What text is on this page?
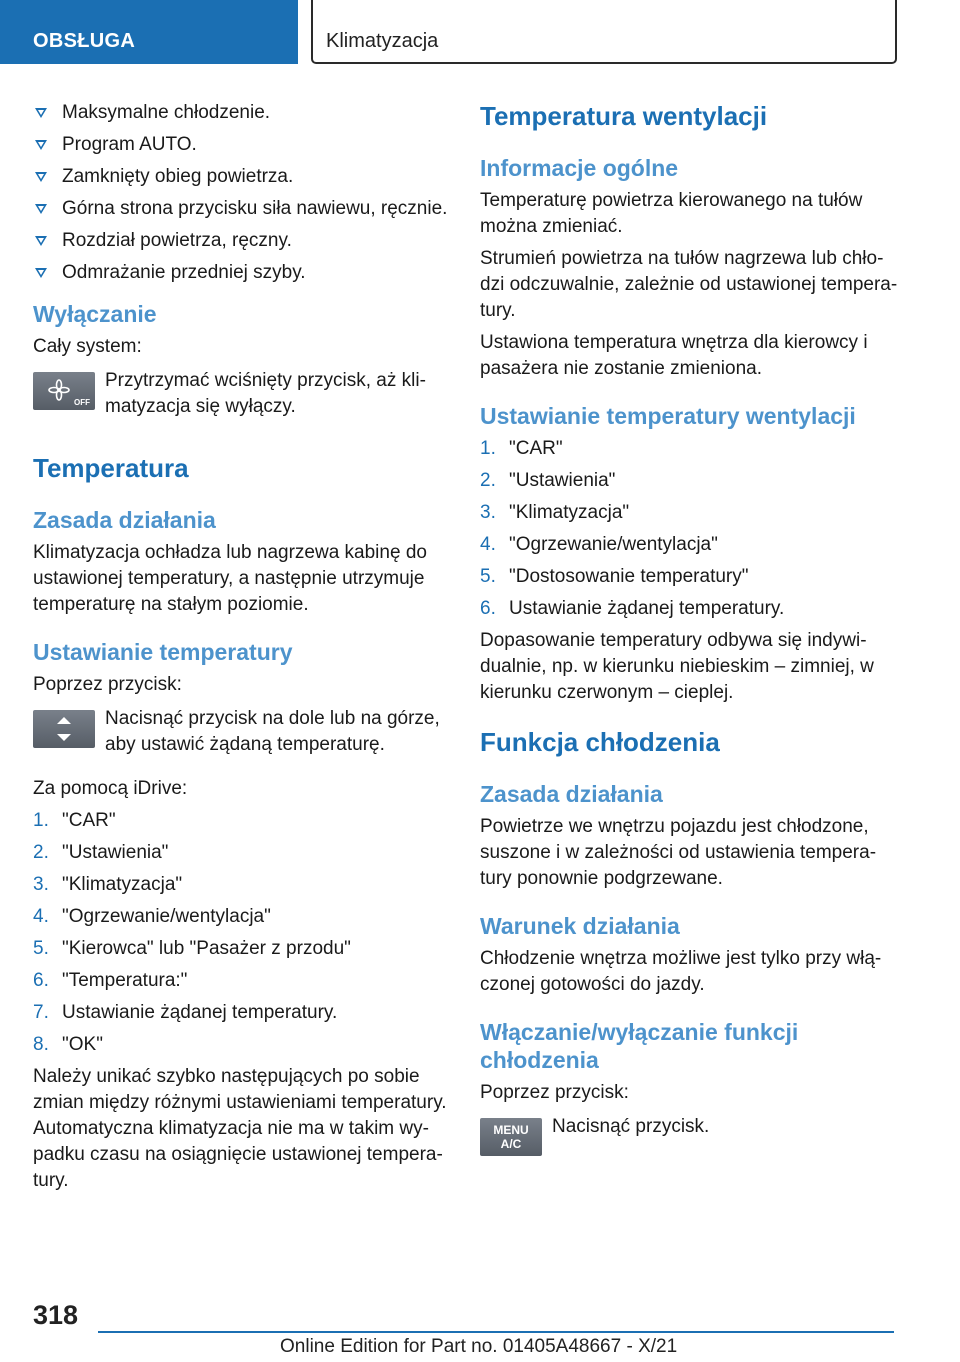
OBSŁUGA	Klimatyzacja
Maksymalne chłodzenie.
Program AUTO.
Zamknięty obieg powietrza.
Górna strona przycisku siła nawiewu, ręcznie.
Rozdział powietrza, ręczny.
Odmrażanie przedniej szyby.
Wyłączanie

Cały system:

OFF
Przytrzymać wciśnięty przycisk, aż kli-matyzacja się wyłączy.
Temperatura
Zasada działania

Klimatyzacja ochładza lub nagrzewa kabinę do ustawionej temperatury, a następnie utrzymuje temperaturę na stałym poziomie.

Ustawianie temperatury

Poprzez przycisk:

Nacisnąć przycisk na dole lub na górze, aby ustawić żądaną temperaturę.

Za pomocą iDrive:

1. "CAR"
2. "Ustawienia"
3. "Klimatyzacja"
4. "Ogrzewanie/wentylacja"
5. "Kierowca" lub "Pasażer z przodu"
6. "Temperatura:"
7. Ustawianie żądanej temperatury.
8. "OK"

Należy unikać szybko następujących po sobie zmian między różnymi ustawieniami temperatury. Automatyczna klimatyzacja nie ma w takim wy-padku czasu na osiągnięcie ustawionej tempera-tury.

Temperatura wentylacji
Informacje ogólne

Temperaturę powietrza kierowanego na tułów można zmieniać.

Strumień powietrza na tułów nagrzewa lub chło-dzi odczuwalnie, zależnie od ustawionej tempera-tury.

Ustawiona temperatura wnętrza dla kierowcy i pasażera nie zostanie zmieniona.

Ustawianie temperatury wentylacji
1. "CAR"
2. "Ustawienia"
3. "Klimatyzacja"
4. "Ogrzewanie/wentylacja"
5. "Dostosowanie temperatury"
6. Ustawianie żądanej temperatury.

Dopasowanie temperatury odbywa się indywi-dualnie, np. w kierunku niebieskim – zimniej, w kierunku czerwonym – cieplej.

Funkcja chłodzenia
Zasada działania

Powietrze we wnętrzu pojazdu jest chłodzone, suszone i w zależności od ustawienia tempera-tury ponownie podgrzewane.

Warunek działania

Chłodzenie wnętrza możliwe jest tylko przy włą-czonej gotowości do jazdy.

Włączanie/wyłączanie funkcji chłodzenia

Poprzez przycisk:

MENU
A/C
Nacisnąć przycisk.
318
Online Edition for Part no. 01405A48667 - X/21
